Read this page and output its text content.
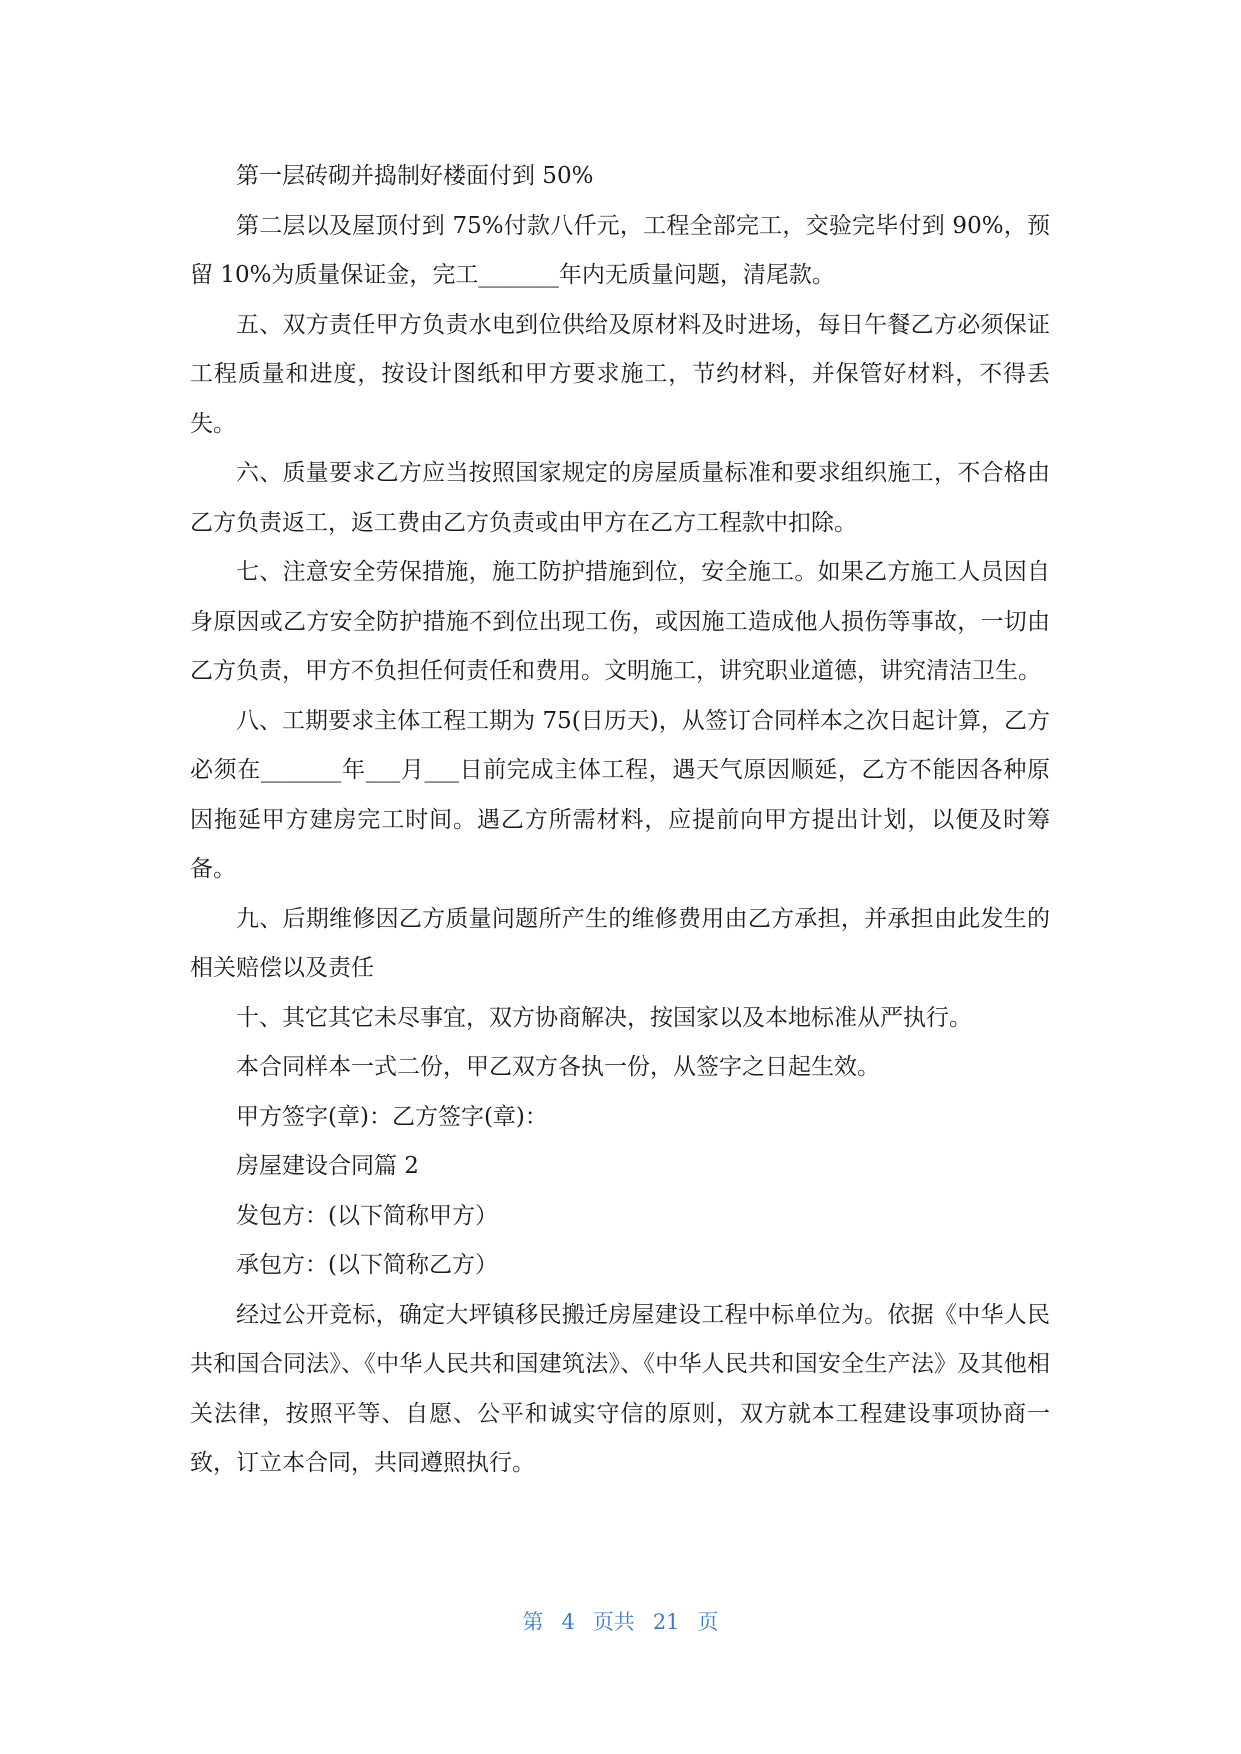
第一层砖砌并捣制好楼面付到 50%

第二层以及屋顶付到 75%付款八仟元，工程全部完工，交验完毕付到 90%，预留 10%为质量保证金，完工_______年内无质量问题，清尾款。

五、双方责任甲方负责水电到位供给及原材料及时进场，每日午餐乙方必须保证工程质量和进度，按设计图纸和甲方要求施工，节约材料，并保管好材料，不得丢失。

六、质量要求乙方应当按照国家规定的房屋质量标准和要求组织施工，不合格由乙方负责返工，返工费由乙方负责或由甲方在乙方工程款中扣除。

七、注意安全劳保措施，施工防护措施到位，安全施工。如果乙方施工人员因自身原因或乙方安全防护措施不到位出现工伤，或因施工造成他人损伤等事故，一切由乙方负责，甲方不负担任何责任和费用。文明施工，讲究职业道德，讲究清洁卫生。

八、工期要求主体工程工期为 75(日历天)，从签订合同样本之次日起计算，乙方必须在_______年___月___日前完成主体工程，遇天气原因顺延，乙方不能因各种原因拖延甲方建房完工时间。遇乙方所需材料，应提前向甲方提出计划，以便及时筹备。

九、后期维修因乙方质量问题所产生的维修费用由乙方承担，并承担由此发生的相关赔偿以及责任

十、其它其它未尽事宜，双方协商解决，按国家以及本地标准从严执行。

本合同样本一式二份，甲乙双方各执一份，从签字之日起生效。

甲方签字(章)：乙方签字(章)：

房屋建设合同篇 2

发包方：(以下简称甲方）

承包方：(以下简称乙方）

经过公开竞标，确定大坪镇移民搬迁房屋建设工程中标单位为。依据《中华人民共和国合同法》、《中华人民共和国建筑法》、《中华人民共和国安全生产法》及其他相关法律，按照平等、自愿、公平和诚实守信的原则，双方就本工程建设事项协商一致，订立本合同，共同遵照执行。

第 4 页共 21 页
